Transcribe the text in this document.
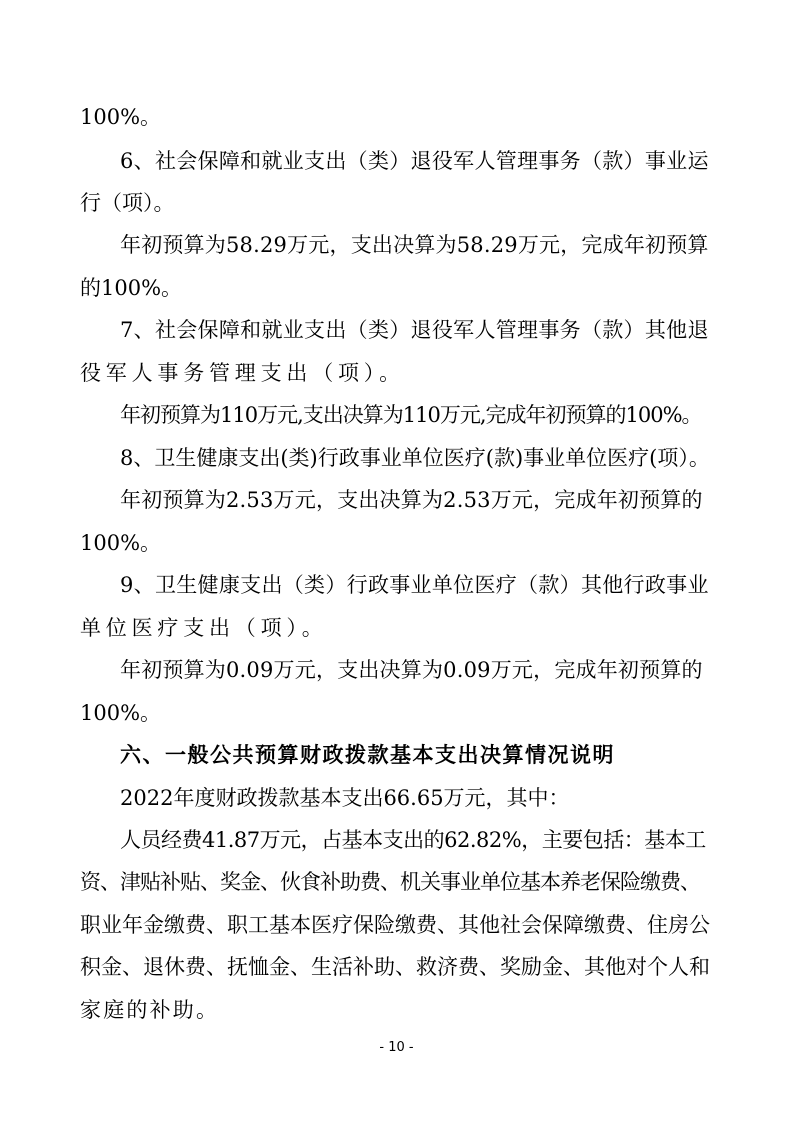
100%。
6、社会保障和就业支出（类）退役军人管理事务（款）事业运
行（项）。
年初预算为58.29万元，支出决算为58.29万元，完成年初预算
的100%。
7、社会保障和就业支出（类）退役军人管理事务（款）其他退
役军人事务管理支出（项）。
年初预算为110万元,支出决算为110万元,完成年初预算的100%。
8、卫生健康支出(类)行政事业单位医疗(款)事业单位医疗(项）。
年初预算为2.53万元，支出决算为2.53万元，完成年初预算的
100%。
9、卫生健康支出（类）行政事业单位医疗（款）其他行政事业
单位医疗支出（项）。
年初预算为0.09万元，支出决算为0.09万元，完成年初预算的
100%。
六、一般公共预算财政拨款基本支出决算情况说明
2022年度财政拨款基本支出66.65万元，其中：
人员经费41.87万元，占基本支出的62.82%，主要包括：基本工
资、津贴补贴、奖金、伙食补助费、机关事业单位基本养老保险缴费、
职业年金缴费、职工基本医疗保险缴费、其他社会保障缴费、住房公
积金、退休费、抚恤金、生活补助、救济费、奖励金、其他对个人和
家庭的补助。
- 10 -
